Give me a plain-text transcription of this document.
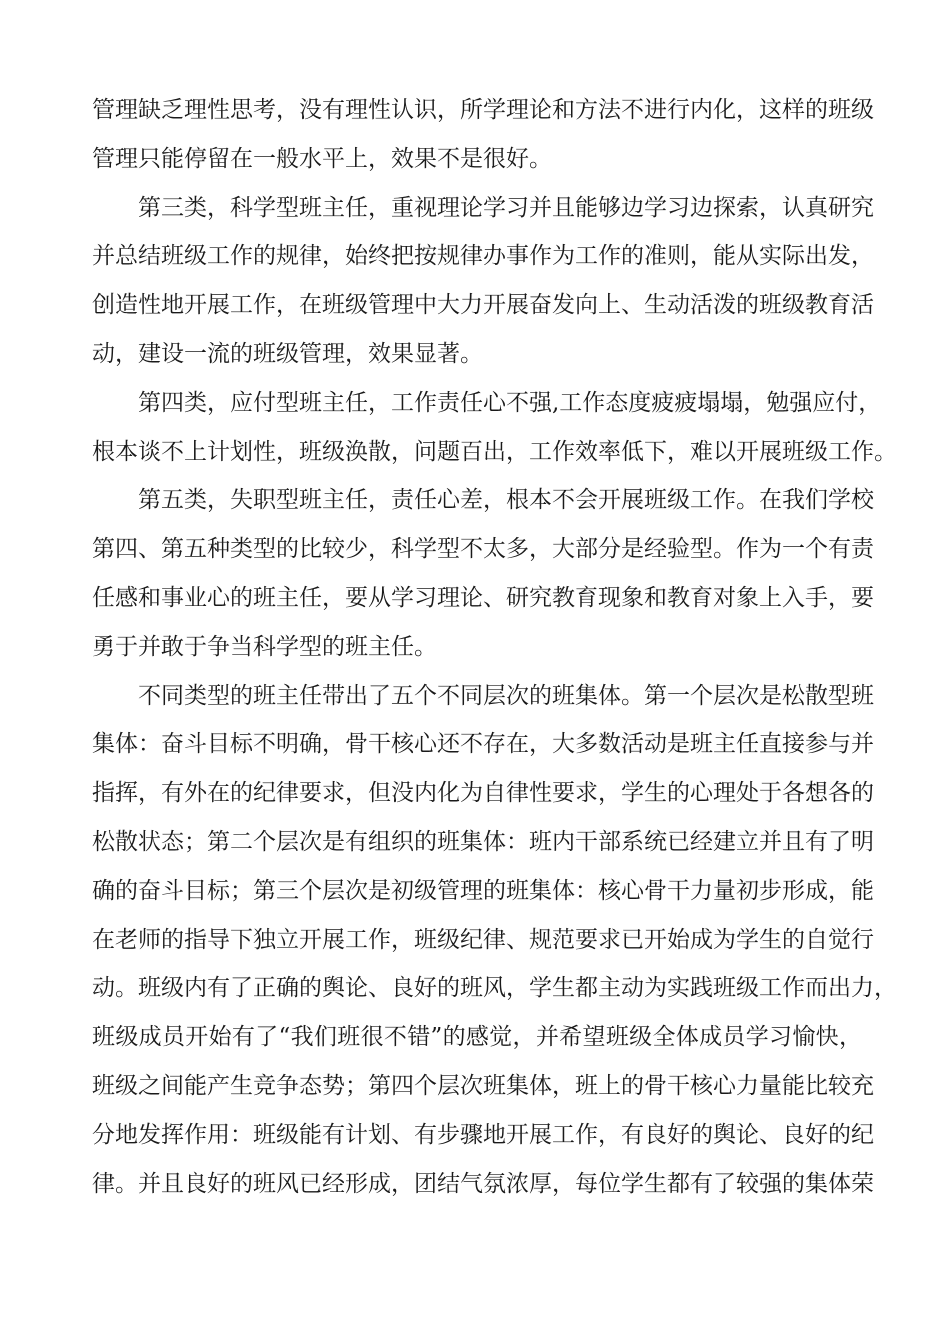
管理缺乏理性思考，没有理性认识，所学理论和方法不进行内化，这样的班级
管理只能停留在一般水平上，效果不是很好。

第三类，科学型班主任，重视理论学习并且能够边学习边探索，认真研究
并总结班级工作的规律，始终把按规律办事作为工作的准则，能从实际出发，
创造性地开展工作，在班级管理中大力开展奋发向上、生动活泼的班级教育活
动，建设一流的班级管理，效果显著。

第四类，应付型班主任，工作责任心不强,工作态度疲疲塌塌，勉强应付，
根本谈不上计划性，班级涣散，问题百出，工作效率低下，难以开展班级工作。

第五类，失职型班主任，责任心差，根本不会开展班级工作。在我们学校
第四、第五种类型的比较少，科学型不太多，大部分是经验型。作为一个有责
任感和事业心的班主任，要从学习理论、研究教育现象和教育对象上入手，要
勇于并敢于争当科学型的班主任。

不同类型的班主任带出了五个不同层次的班集体。第一个层次是松散型班
集体：奋斗目标不明确，骨干核心还不存在，大多数活动是班主任直接参与并
指挥，有外在的纪律要求，但没内化为自律性要求，学生的心理处于各想各的
松散状态；第二个层次是有组织的班集体：班内干部系统已经建立并且有了明
确的奋斗目标；第三个层次是初级管理的班集体：核心骨干力量初步形成，能
在老师的指导下独立开展工作，班级纪律、规范要求已开始成为学生的自觉行
动。班级内有了正确的舆论、良好的班风，学生都主动为实践班级工作而出力，
班级成员开始有了“我们班很不错”的感觉，并希望班级全体成员学习愉快，
班级之间能产生竞争态势；第四个层次班集体，班上的骨干核心力量能比较充
分地发挥作用：班级能有计划、有步骤地开展工作，有良好的舆论、良好的纪
律。并且良好的班风已经形成，团结气氛浓厚，每位学生都有了较强的集体荣
